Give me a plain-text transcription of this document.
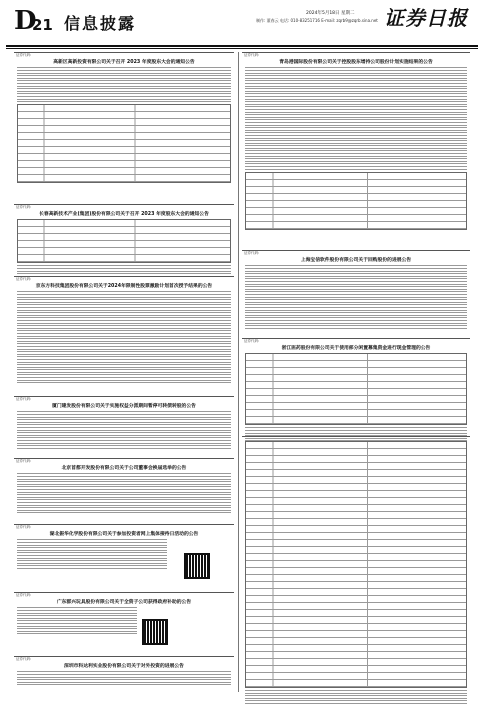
D
21 信息披露
2024年5月18日 星期二
制作: 董春云 电话: 010-83251716 E-mail: zqrb9@zqrb.sina.net 证券日报
证券代码:
高新区高新投资有限公司关于召开 2023 年度股东大会的通知公告
证券代码:
长春高新技术产业(集团)股份有限公司关于召开 2023 年度股东大会的通知公告
证券代码:
京东方科技集团股份有限公司关于2024年限制性股票激励计划首次授予结果的公告
证券代码:
厦门建发股份有限公司关于实施权益分派期间暂停可转债转股的公告
证券代码:
北京首都开发股份有限公司关于公司董事会换届选举的公告
证券代码:
湖北振华化学股份有限公司关于参加投资者网上集体接待日活动的公告
证券代码:
广东群兴玩具股份有限公司关于全资子公司获得政府补助的公告
证券代码:
深圳市科达利实业股份有限公司关于对外投资的进展公告
证券代码:
青岛港国际股份有限公司关于控股股东增持公司股份计划实施结果的公告
证券代码:
上海宝信软件股份有限公司关于回购股份的进展公告
证券代码:
浙江医药股份有限公司关于使用部分闲置募集资金进行现金管理的公告
